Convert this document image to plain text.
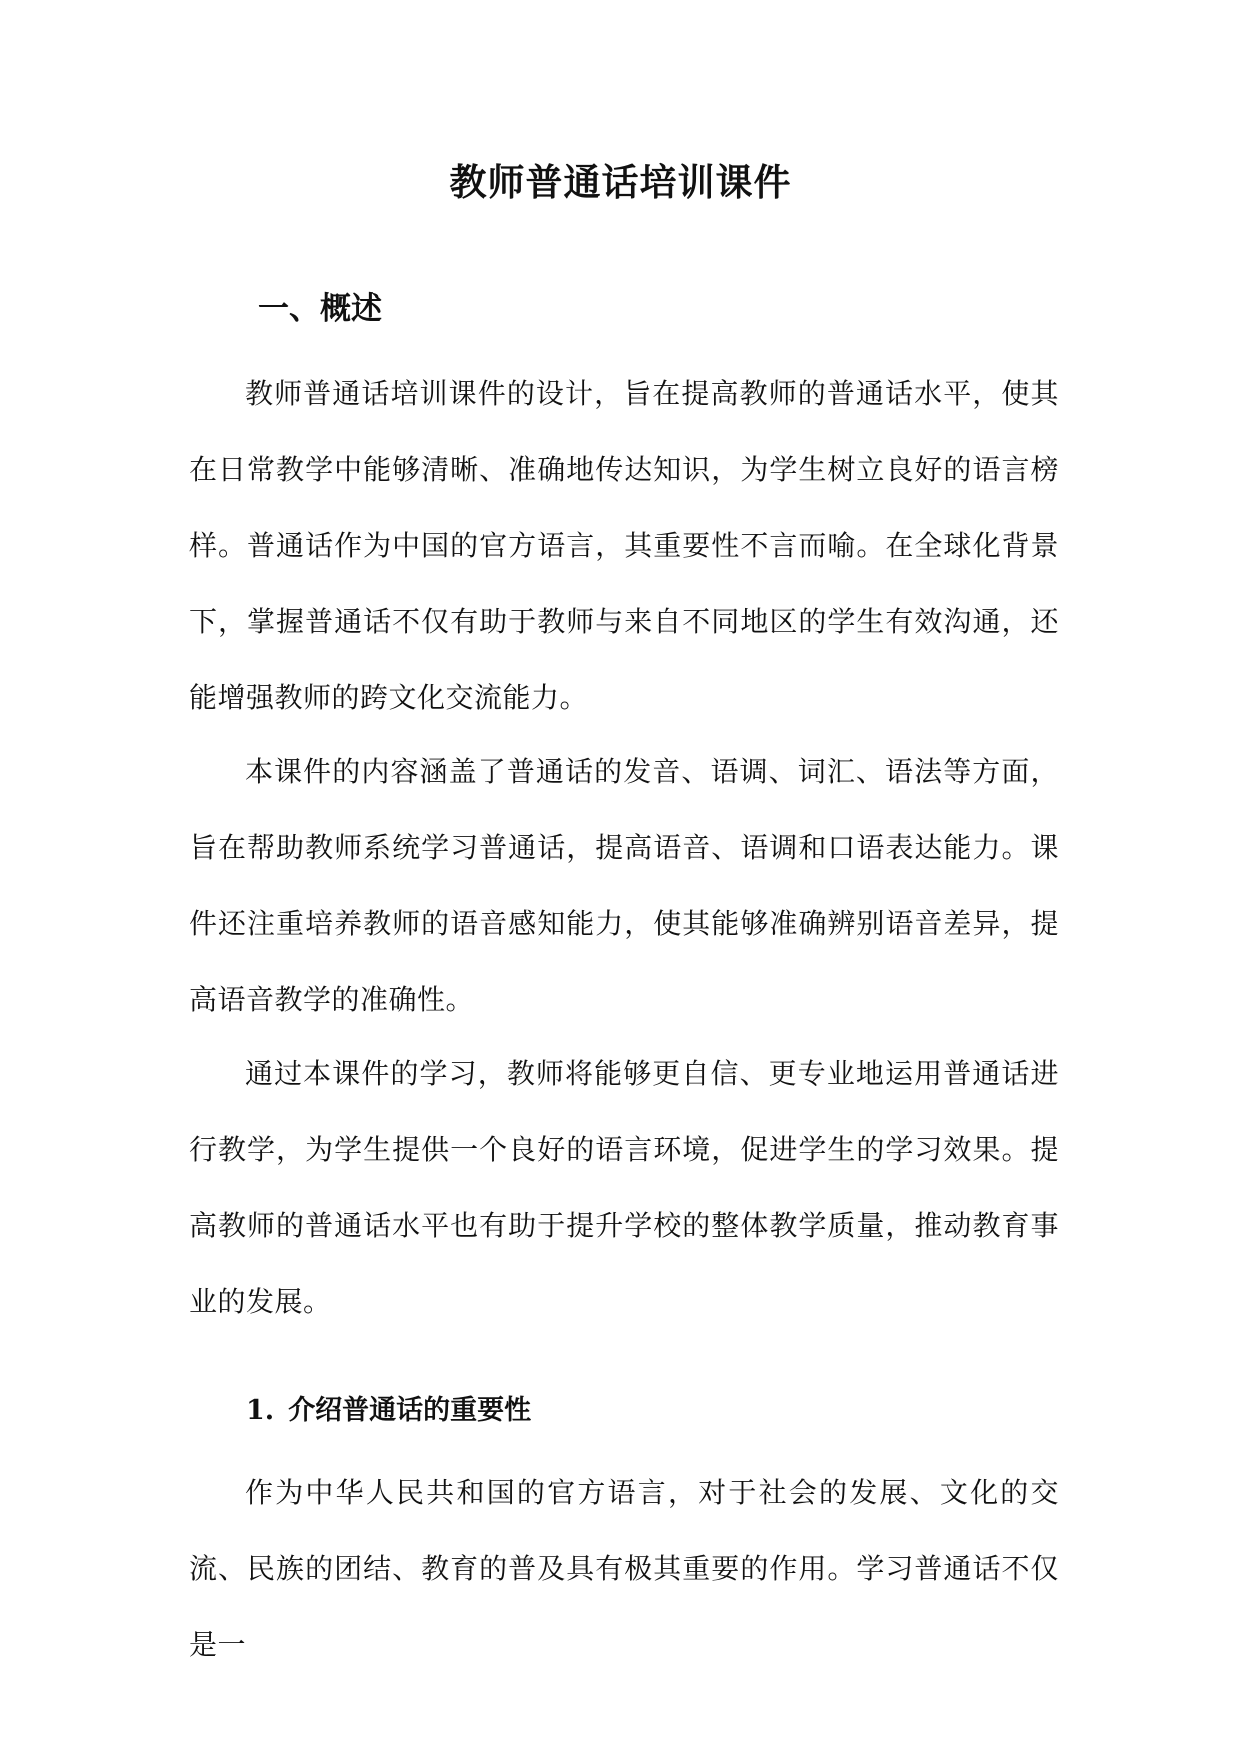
教师普通话培训课件
一、概述

教师普通话培训课件的设计，旨在提高教师的普通话水平，使其在日常教学中能够清晰、准确地传达知识，为学生树立良好的语言榜样。普通话作为中国的官方语言，其重要性不言而喻。在全球化背景下，掌握普通话不仅有助于教师与来自不同地区的学生有效沟通，还能增强教师的跨文化交流能力。

本课件的内容涵盖了普通话的发音、语调、词汇、语法等方面，旨在帮助教师系统学习普通话，提高语音、语调和口语表达能力。课件还注重培养教师的语音感知能力，使其能够准确辨别语音差异，提高语音教学的准确性。

通过本课件的学习，教师将能够更自信、更专业地运用普通话进行教学，为学生提供一个良好的语言环境，促进学生的学习效果。提高教师的普通话水平也有助于提升学校的整体教学质量，推动教育事业的发展。

1. 介绍普通话的重要性

作为中华人民共和国的官方语言，对于社会的发展、文化的交流、民族的团结、教育的普及具有极其重要的作用。学习普通话不仅是一
